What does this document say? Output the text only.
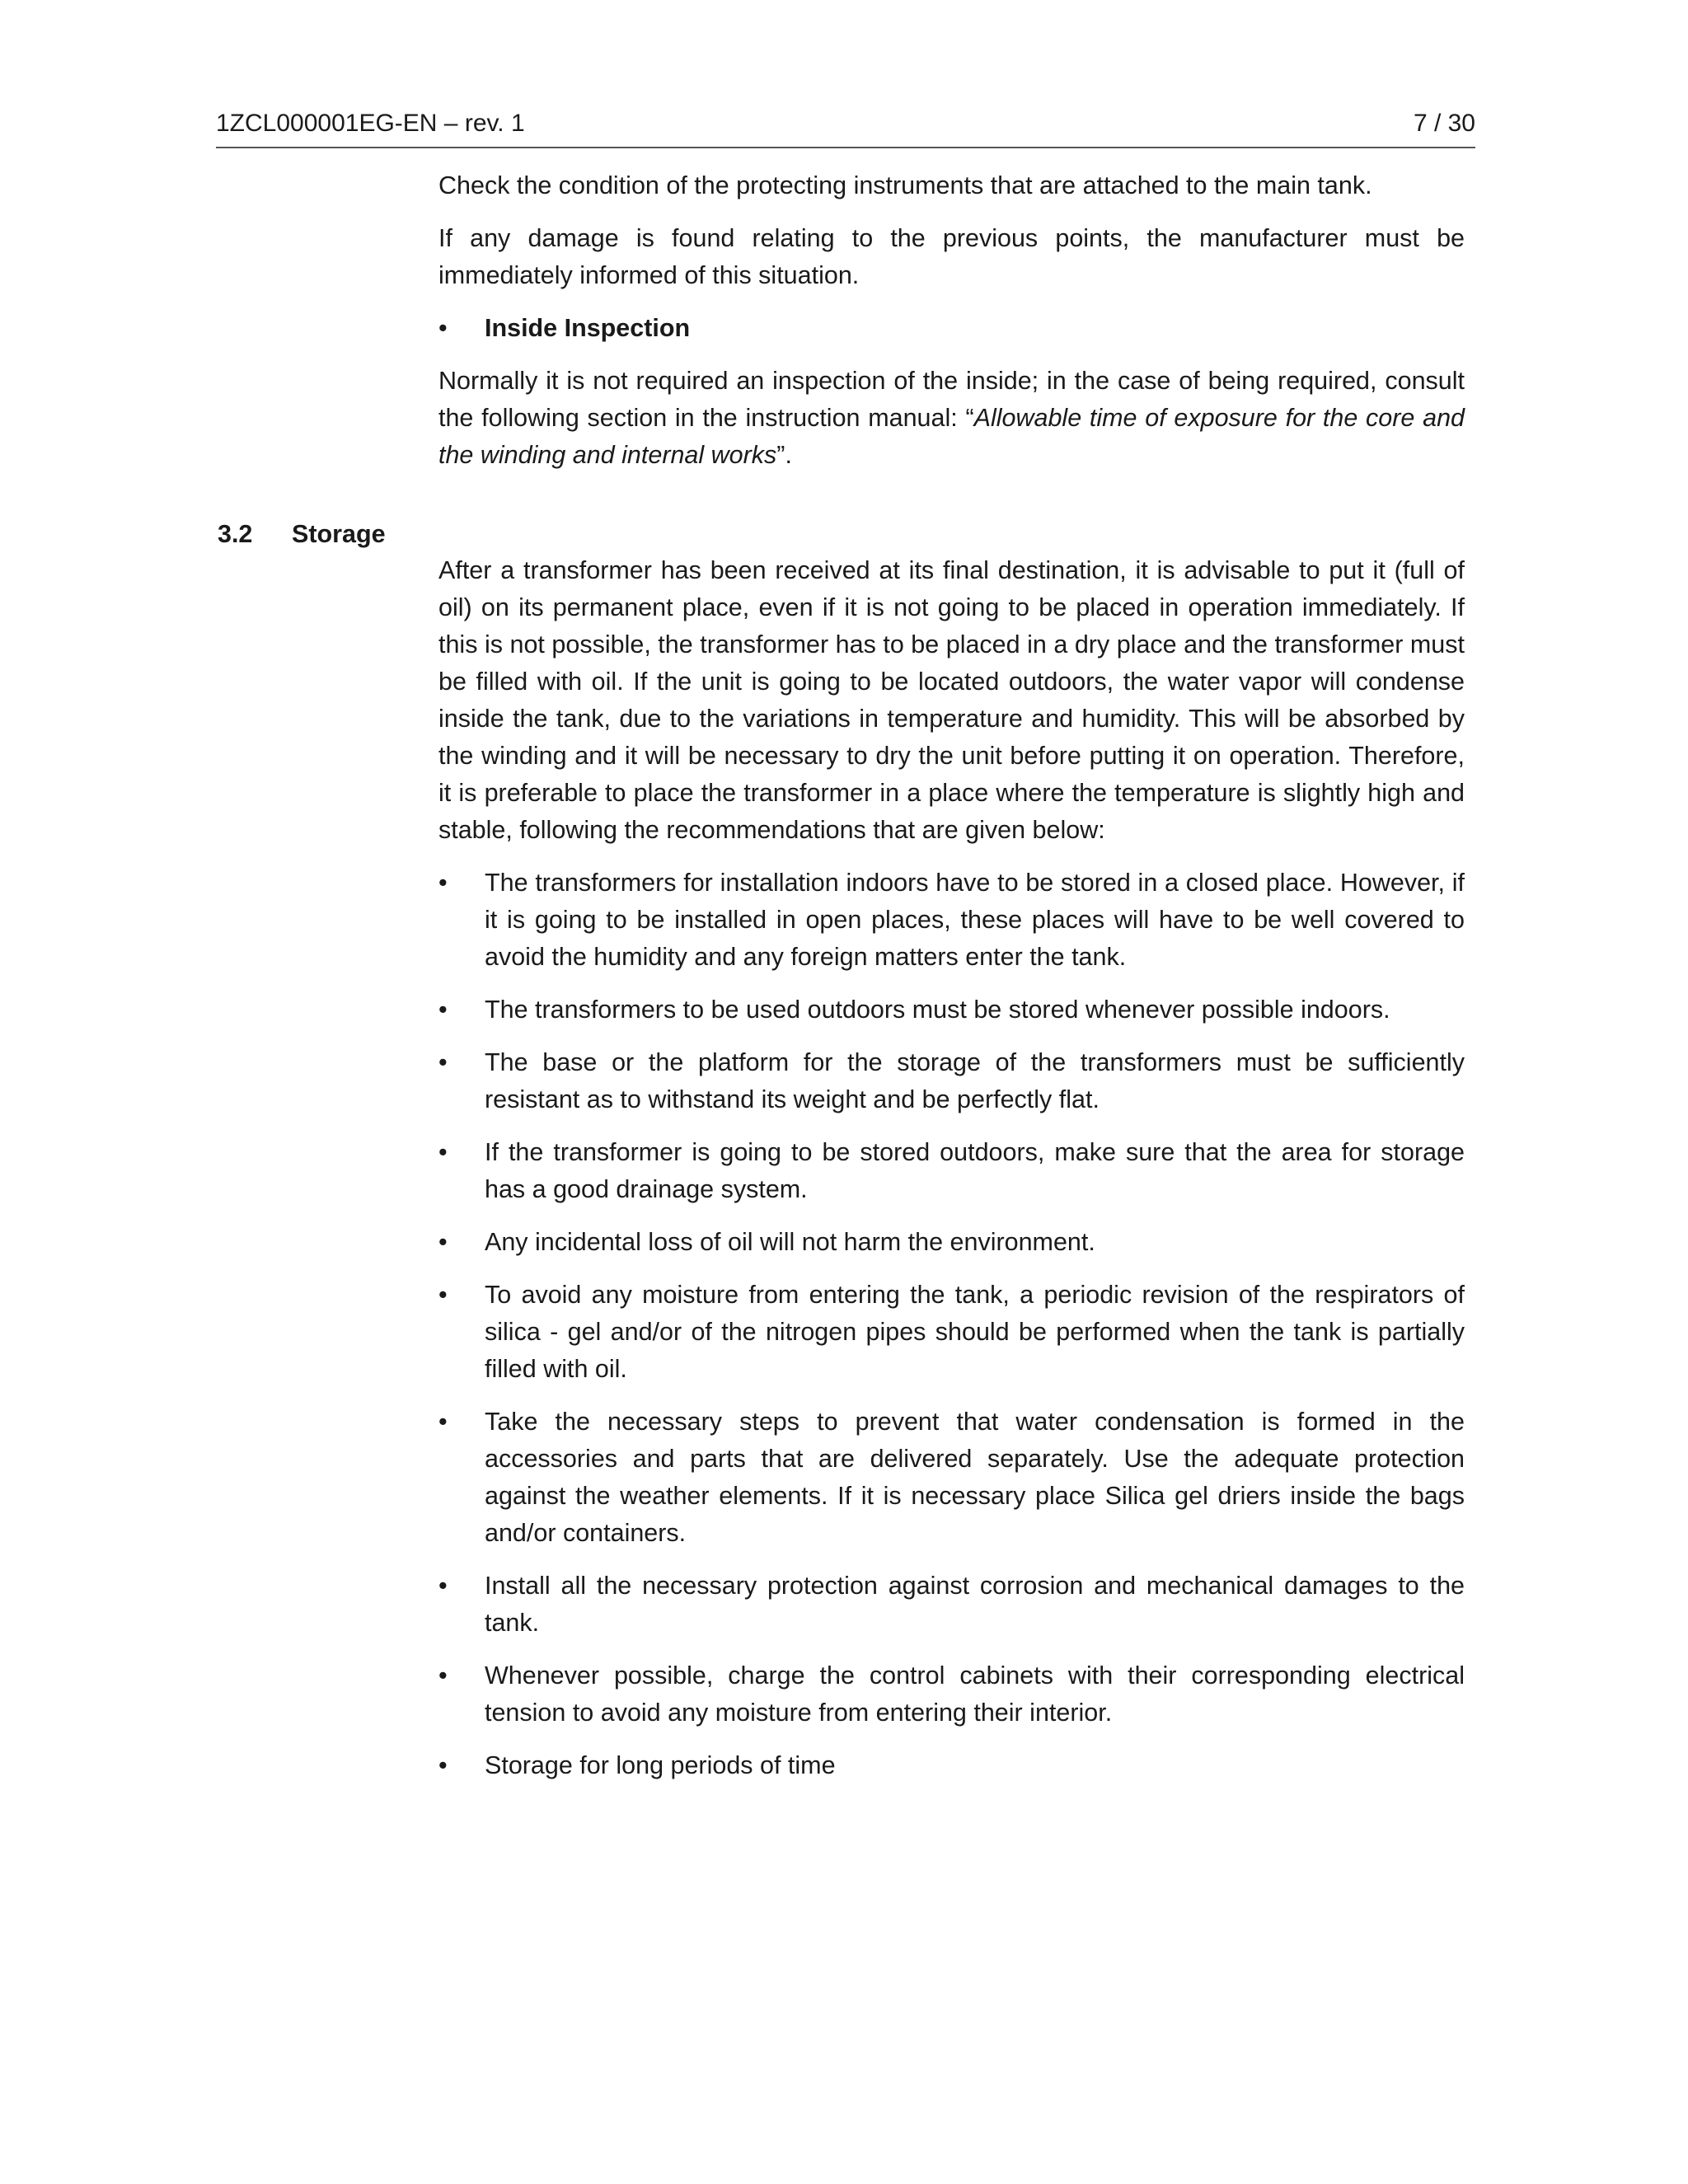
1ZCL000001EG-EN – rev. 1	7 / 30

Check the condition of the protecting instruments that are attached to the main tank.

If any damage is found relating to the previous points, the manufacturer must be immediately informed of this situation.

• Inside Inspection

Normally it is not required an inspection of the inside; in the case of being required, consult the following section in the instruction manual: “Allowable time of exposure for the core and the winding and internal works”.

3.2 Storage

After a transformer has been received at its final destination, it is advisable to put it (full of oil) on its permanent place, even if it is not going to be placed in operation immediately. If this is not possible, the transformer has to be placed in a dry place and the transformer must be filled with oil. If the unit is going to be located outdoors, the water vapor will condense inside the tank, due to the variations in temperature and humidity. This will be absorbed by the winding and it will be necessary to dry the unit before putting it on operation. Therefore, it is preferable to place the transformer in a place where the temperature is slightly high and stable, following the recommendations that are given below:

• The transformers for installation indoors have to be stored in a closed place. However, if it is going to be installed in open places, these places will have to be well covered to avoid the humidity and any foreign matters enter the tank.
• The transformers to be used outdoors must be stored whenever possible indoors.
• The base or the platform for the storage of the transformers must be sufficiently resistant as to withstand its weight and be perfectly flat.
• If the transformer is going to be stored outdoors, make sure that the area for storage has a good drainage system.
• Any incidental loss of oil will not harm the environment.
• To avoid any moisture from entering the tank, a periodic revision of the respirators of silica - gel and/or of the nitrogen pipes should be performed when the tank is partially filled with oil.
• Take the necessary steps to prevent that water condensation is formed in the accessories and parts that are delivered separately. Use the adequate protection against the weather elements. If it is necessary place Silica gel driers inside the bags and/or containers.
• Install all the necessary protection against corrosion and mechanical damages to the tank.
• Whenever possible, charge the control cabinets with their corresponding electrical tension to avoid any moisture from entering their interior.
• Storage for long periods of time
